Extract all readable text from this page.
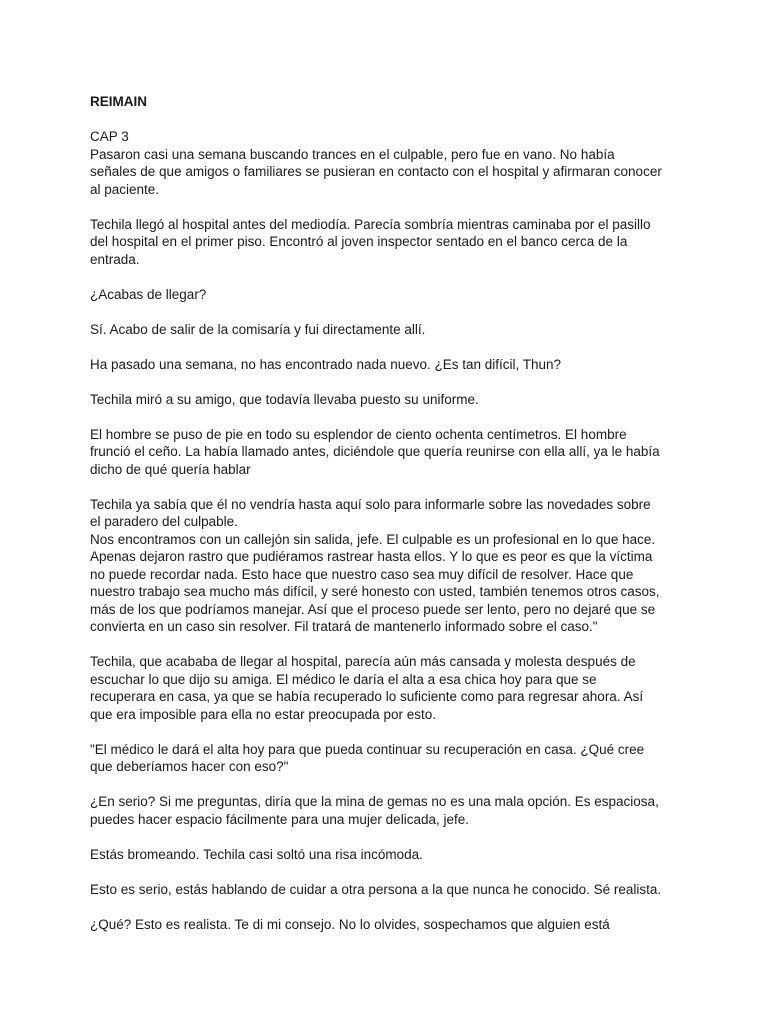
REIMAIN
CAP 3
Pasaron casi una semana buscando trances en el culpable, pero fue en vano. No había
señales de que amigos o familiares se pusieran en contacto con el hospital y afirmaran conocer
al paciente.
Techila llegó al hospital antes del mediodía. Parecía sombría mientras caminaba por el pasillo
del hospital en el primer piso. Encontró al joven inspector sentado en el banco cerca de la
entrada.
¿Acabas de llegar?
Sí. Acabo de salir de la comisaría y fui directamente allí.
Ha pasado una semana, no has encontrado nada nuevo. ¿Es tan difícil, Thun?
Techila miró a su amigo, que todavía llevaba puesto su uniforme.
El hombre se puso de pie en todo su esplendor de ciento ochenta centímetros. El hombre
frunció el ceño. La había llamado antes, diciéndole que quería reunirse con ella allí, ya le había
dicho de qué quería hablar
Techila ya sabía que él no vendría hasta aquí solo para informarle sobre las novedades sobre
el paradero del culpable.
Nos encontramos con un callejón sin salida, jefe. El culpable es un profesional en lo que hace.
Apenas dejaron rastro que pudiéramos rastrear hasta ellos. Y lo que es peor es que la víctima
no puede recordar nada. Esto hace que nuestro caso sea muy difícil de resolver. Hace que
nuestro trabajo sea mucho más difícil, y seré honesto con usted, también tenemos otros casos,
más de los que podríamos manejar. Así que el proceso puede ser lento, pero no dejaré que se
convierta en un caso sin resolver. Fil tratará de mantenerlo informado sobre el caso."
Techila, que acababa de llegar al hospital, parecía aún más cansada y molesta después de
escuchar lo que dijo su amiga. El médico le daría el alta a esa chica hoy para que se
recuperara en casa, ya que se había recuperado lo suficiente como para regresar ahora. Así
que era imposible para ella no estar preocupada por esto.
"El médico le dará el alta hoy para que pueda continuar su recuperación en casa. ¿Qué cree
que deberíamos hacer con eso?"
¿En serio? Si me preguntas, diría que la mina de gemas no es una mala opción. Es espaciosa,
puedes hacer espacio fácilmente para una mujer delicada, jefe.
Estás bromeando. Techila casi soltó una risa incómoda.
Esto es serio, estás hablando de cuidar a otra persona a la que nunca he conocido. Sé realista.
¿Qué? Esto es realista. Te di mi consejo. No lo olvides, sospechamos que alguien está
